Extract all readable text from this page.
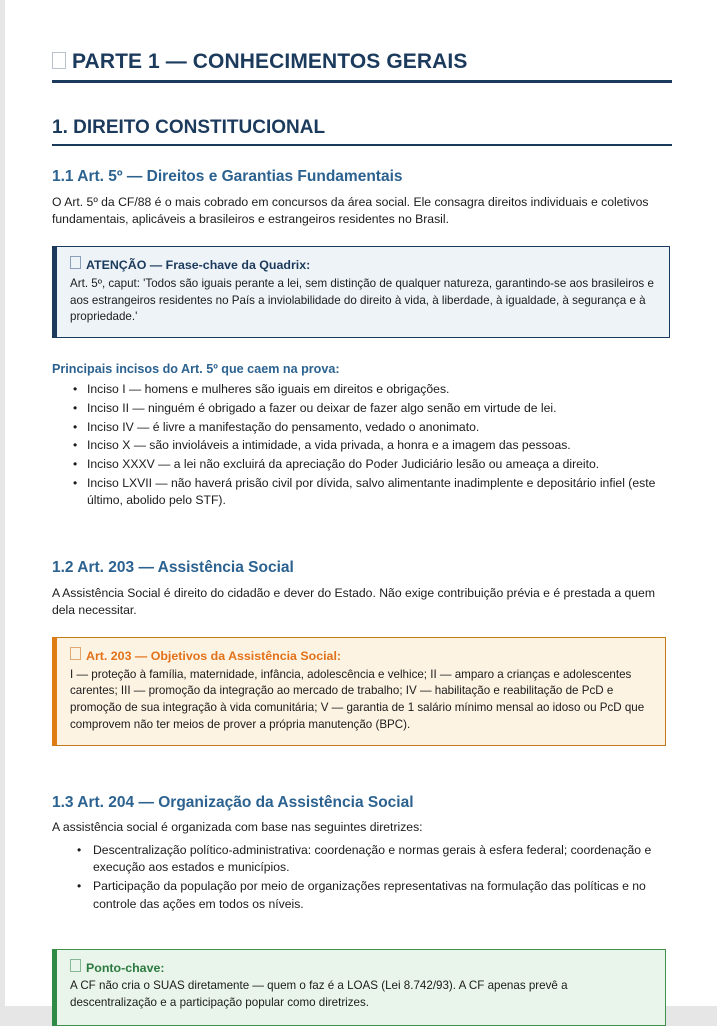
PARTE 1 — CONHECIMENTOS GERAIS
1. DIREITO CONSTITUCIONAL
1.1 Art. 5º — Direitos e Garantias Fundamentais

O Art. 5º da CF/88 é o mais cobrado em concursos da área social. Ele consagra direitos individuais e coletivos fundamentais, aplicáveis a brasileiros e estrangeiros residentes no Brasil.

ATENÇÃO — Frase-chave da Quadrix:

Art. 5º, caput: 'Todos são iguais perante a lei, sem distinção de qualquer natureza, garantindo-se aos brasileiros e aos estrangeiros residentes no País a inviolabilidade do direito à vida, à liberdade, à igualdade, à segurança e à propriedade.'

Principais incisos do Art. 5º que caem na prova:

• Inciso I — homens e mulheres são iguais em direitos e obrigações.
• Inciso II — ninguém é obrigado a fazer ou deixar de fazer algo senão em virtude de lei.
• Inciso IV — é livre a manifestação do pensamento, vedado o anonimato.
• Inciso X — são invioláveis a intimidade, a vida privada, a honra e a imagem das pessoas.
• Inciso XXXV — a lei não excluirá da apreciação do Poder Judiciário lesão ou ameaça a direito.
• Inciso LXVII — não haverá prisão civil por dívida, salvo alimentante inadimplente e depositário infiel (este último, abolido pelo STF).
1.2 Art. 203 — Assistência Social

A Assistência Social é direito do cidadão e dever do Estado. Não exige contribuição prévia e é prestada a quem dela necessitar.

Art. 203 — Objetivos da Assistência Social:

I — proteção à família, maternidade, infância, adolescência e velhice; II — amparo a crianças e adolescentes carentes; III — promoção da integração ao mercado de trabalho; IV — habilitação e reabilitação de PcD e promoção de sua integração à vida comunitária; V — garantia de 1 salário mínimo mensal ao idoso ou PcD que comprovem não ter meios de prover a própria manutenção (BPC).

1.3 Art. 204 — Organização da Assistência Social

A assistência social é organizada com base nas seguintes diretrizes:

• Descentralização político-administrativa: coordenação e normas gerais à esfera federal; coordenação e execução aos estados e municípios.
• Participação da população por meio de organizações representativas na formulação das políticas e no controle das ações em todos os níveis.

Ponto-chave:

A CF não cria o SUAS diretamente — quem o faz é a LOAS (Lei 8.742/93). A CF apenas prevê a descentralização e a participação popular como diretrizes.
